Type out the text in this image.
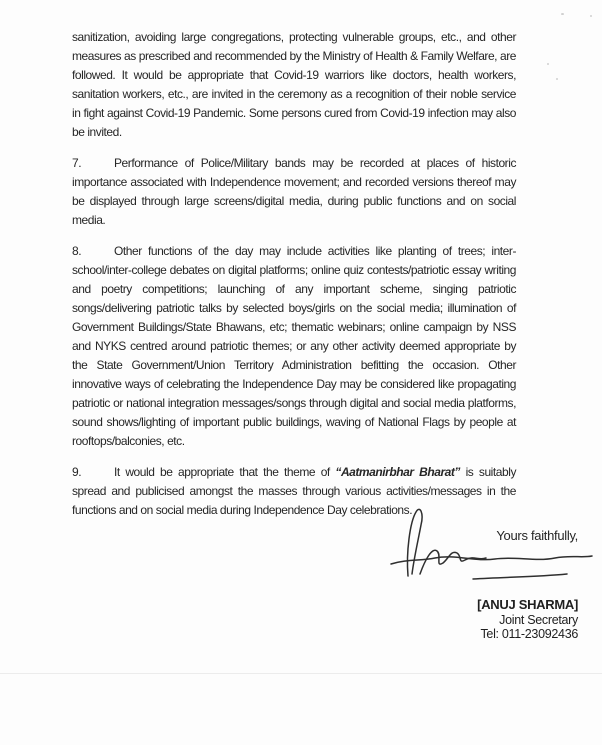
sanitization, avoiding large congregations, protecting vulnerable groups, etc., and other measures as prescribed and recommended by the Ministry of Health & Family Welfare, are followed. It would be appropriate that Covid-19 warriors like doctors, health workers, sanitation workers, etc., are invited in the ceremony as a recognition of their noble service in fight against Covid-19 Pandemic. Some persons cured from Covid-19 infection may also be invited.

7.	Performance of Police/Military bands may be recorded at places of historic importance associated with Independence movement; and recorded versions thereof may be displayed through large screens/digital media, during public functions and on social media.

8.	Other functions of the day may include activities like planting of trees; inter-school/inter-college debates on digital platforms; online quiz contests/patriotic essay writing and poetry competitions; launching of any important scheme, singing patriotic songs/delivering patriotic talks by selected boys/girls on the social media; illumination of Government Buildings/State Bhawans, etc; thematic webinars; online campaign by NSS and NYKS centred around patriotic themes; or any other activity deemed appropriate by the State Government/Union Territory Administration befitting the occasion. Other innovative ways of celebrating the Independence Day may be considered like propagating patriotic or national integration messages/songs through digital and social media platforms, sound shows/lighting of important public buildings, waving of National Flags by people at rooftops/balconies, etc.

9.	It would be appropriate that the theme of “Aatmanirbhar Bharat” is suitably spread and publicised amongst the masses through various activities/messages in the functions and on social media during Independence Day celebrations.

Yours faithfully,
[ANUJ SHARMA]
Joint Secretary
Tel: 011-23092436
